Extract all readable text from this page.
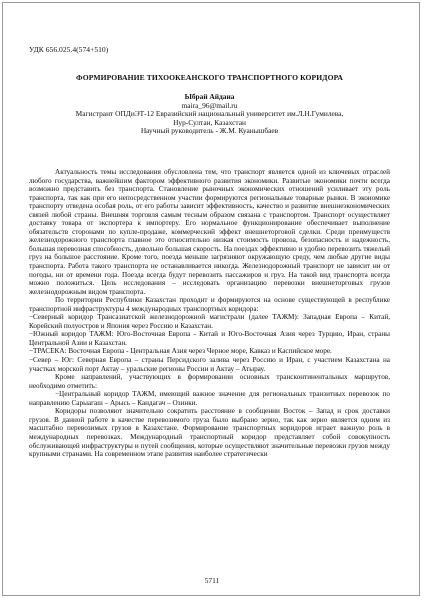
УДК 656.025.4(574+510)
ФОРМИРОВАНИЕ ТИХООКЕАНСКОГО ТРАНСПОРТНОГО КОРИДОРА
Ыбрай Айдана
maira_96@mail.ru
Магистрант ОПДиЭТ-12 Евразийский национальный университет им.Л.Н.Гумилева,
Нур-Султан, Казахстан
Научный руководитель - Ж.М. Куанышбаев

Актуальность темы исследования обусловлена тем, что транспорт является одной из ключевых отраслей любого государства, важнейшим фактором эффективного развития экономики. Развитые экономики почти всегда возможно представить без транспорта. Становление рыночных экономических отношений усиливает эту роль транспорта, так как при его непосредственном участии формируются региональные товарные рынки. В экономике транспорту отведена особая роль, от его работы зависит эффективность, качество и развитие внешнеэкономических связей любой страны. Внешняя торговля самым тесным образом связана с транспортом. Транспорт осуществляет доставку товара от экспортера к импортеру. Его нормальное функционирование обеспечивает выполнение обязательств сторонами по купле-продаже, коммерческий эффект внешнеторговой сделки. Среди преимуществ железнодорожного транспорта главное это относительно низкая стоимость провоза, безопасность и надежность, большая перевозная способность, довольно большая скорость. На поездах эффективно и удобно перевозить тяжелый груз на большое расстояние. Кроме того, поезда меньше загрязняют окружающую среду, чем любые другие виды транспорта. Работа такого транспорта не останавливается никогда. Железнодорожный транспорт не зависит ни от погоды, ни от времени года. Поезда всегда будут перевозить пассажиров и груз. На такой вид транспорта всегда можно положиться. Цель исследования – исследовать организацию перевозки внешнеторговых грузов железнодорожным видом транспорта.

По территории Республики Казахстан проходит и формируются на основе существующей в республике транспортной инфраструктуры 4 международных транспортных коридора:

−Северный коридор Трансазиатской железнодорожной магистрали (далее ТАЖМ): Западная Европа – Китай, Корейский полуостров и Япония через Россию и Казахстан.

−Южный коридор ТАЖМ: Юго-Восточная Европа - Китай и Юго-Восточная Азия через Турцию, Иран, страны Центральной Азии и Казахстан.

−ТРАСЕКА: Восточная Европа - Центральная Азия через Черное море, Кавказ и Каспийское море.

−Север – Юг: Северная Европа – страны Персидского залива через Россию и Иран, с участием Казахстана на участках морской порт Актау – уральские регионы России и Актау – Атырау.

Кроме направлений, участвующих в формировании основных трансконтинентальных маршрутов, необходимо отметить:

−Центральный коридор ТАЖМ, имеющий важное значение для региональных транзитных перевозок по направлению Сарыагаш – Арысь – Кандагач – Озинки.

Коридоры позволяют значительно сократить расстояние в сообщении Восток – Запад и срок доставки грузов. В данной работе в качестве перевозимого груза было выбрано зерно, так как зерно является одним из масштабно перевозимых грузов в Казахстане. Формирование транспортных коридоров играет важную роль в международных перевозках. Международный транспортный коридор представляет собой совокупность обслуживающей инфраструктуры и путей сообщения, которые осуществляют значительные перевозки грузов между крупными странами. На современном этапе развития наиболее стратегически

5711
